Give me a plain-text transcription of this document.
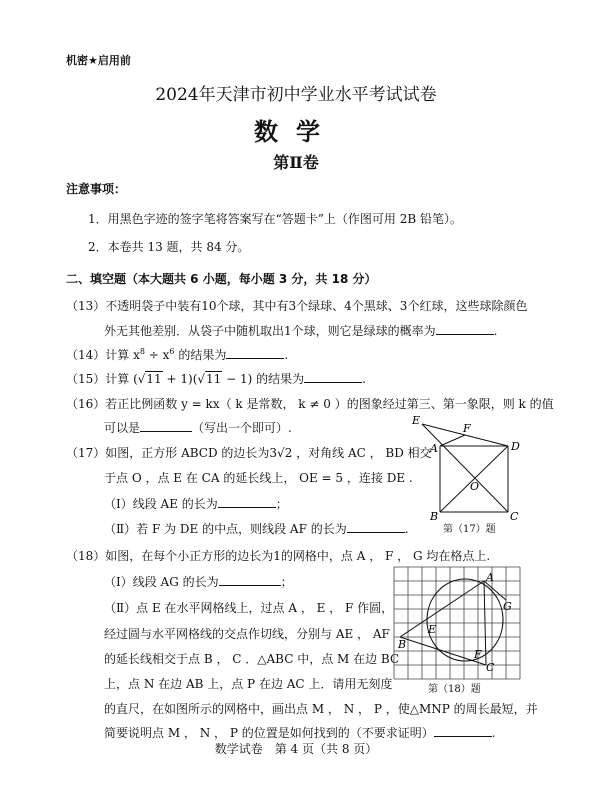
机密★启用前
2024年天津市初中学业水平考试试卷
数学
第Ⅱ卷
注意事项：
1．用黑色字迹的签字笔将答案写在“答题卡”上（作图可用 2B 铅笔）。
2．本卷共 13 题，共 84 分。
二、填空题（本大题共 6 小题，每小题 3 分，共 18 分）
（13）不透明袋子中装有10个球，其中有3个绿球、4个黑球、3个红球，这些球除颜色
外无其他差别．从袋子中随机取出1个球，则它是绿球的概率为	.
（14）计算 $x^8 \div x^6$ 的结果为	.
（15）计算 (√11 + 1)(√11 − 1) 的结果为	.
（16）若正比例函数 y = kx（ k 是常数， k ≠ 0 ）的图象经过第三、第一象限，则 k 的值
可以是	（写出一个即可）.
（17）如图，正方形 ABCD 的边长为3√2 ，对角线 AC ， BD 相交
于点 O ，点 E 在 CA 的延长线上， OE = 5 ，连接 DE .
（Ⅰ）线段 AE 的长为	；
（Ⅱ）若 F 为 DE 的中点，则线段 AF 的长为	.
E
F
A	D
O
B	C
第（17）题
（18）如图，在每个小正方形的边长为1的网格中，点 A ， F ， G 均在格点上.
（Ⅰ）线段 AG 的长为	；
（Ⅱ）点 E 在水平网格线上，过点 A ， E ， F 作圆，
经过圆与水平网格线的交点作切线，分别与 AE ， AF
的延长线相交于点 B ， C ．△ABC 中，点 M 在边 BC
上，点 N 在边 AB 上，点 P 在边 AC 上．请用无刻度
的直尺，在如图所示的网格中，画出点 M ， N ， P ，使△MNP 的周长最短，并
简要说明点 M ， N ， P 的位置是如何找到的（不要求证明）	.
A
G
E
B
F
C
第（18）题
数学试卷　第 4 页（共 8 页）
